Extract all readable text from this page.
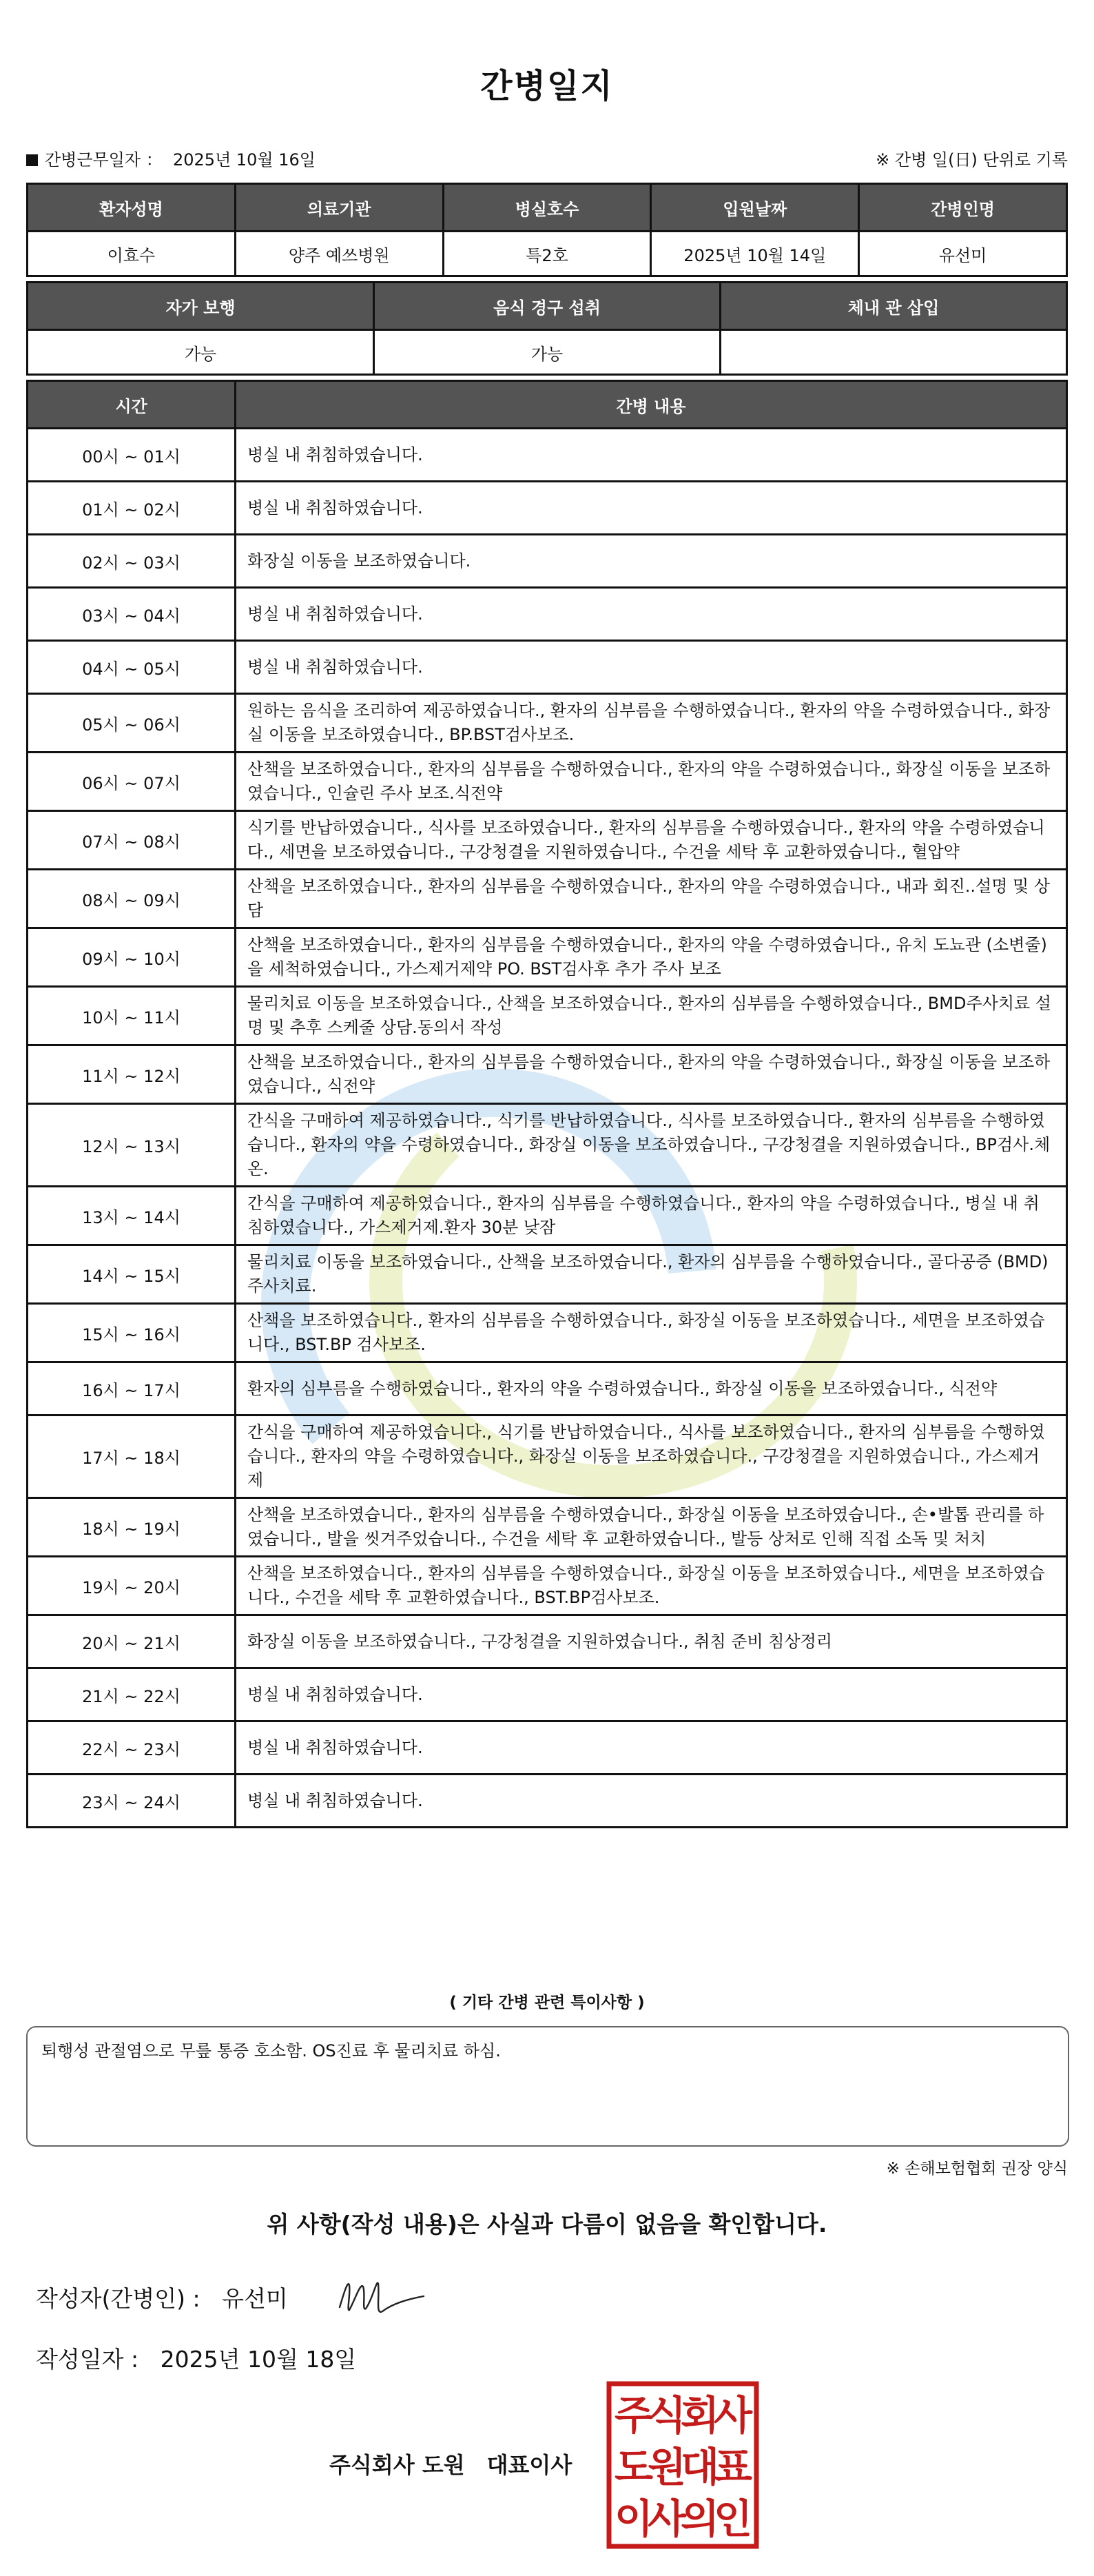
간병일지
간병근무일자 ： 2025년 10월 16일	※ 간병 일(日) 단위로 기록
환자성명	의료기관	병실호수	입원날짜	간병인명
이효수	양주 예쓰병원	특2호	2025년 10월 14일	유선미
자가 보행	음식 경구 섭취	체내 관 삽입
가능	가능	
시간	간병 내용
00시 ~ 01시	병실 내 취침하였습니다.
01시 ~ 02시	병실 내 취침하였습니다.
02시 ~ 03시	화장실 이동을 보조하였습니다.
03시 ~ 04시	병실 내 취침하였습니다.
04시 ~ 05시	병실 내 취침하였습니다.
05시 ~ 06시	원하는 음식을 조리하여 제공하였습니다., 환자의 심부름을 수행하였습니다., 환자의 약을 수령하였습니다., 화장실 이동을 보조하였습니다., BP.BST검사보조.
06시 ~ 07시	산책을 보조하였습니다., 환자의 심부름을 수행하였습니다., 환자의 약을 수령하였습니다., 화장실 이동을 보조하였습니다., 인슐린 주사 보조.식전약
07시 ~ 08시	식기를 반납하였습니다., 식사를 보조하였습니다., 환자의 심부름을 수행하였습니다., 환자의 약을 수령하였습니다., 세면을 보조하였습니다., 구강청결을 지원하였습니다., 수건을 세탁 후 교환하였습니다., 혈압약
08시 ~ 09시	산책을 보조하였습니다., 환자의 심부름을 수행하였습니다., 환자의 약을 수령하였습니다., 내과 회진..설명 및 상담
09시 ~ 10시	산책을 보조하였습니다., 환자의 심부름을 수행하였습니다., 환자의 약을 수령하였습니다., 유치 도뇨관 (소변줄)을 세척하였습니다., 가스제거제약 PO. BST검사후 추가 주사 보조
10시 ~ 11시	물리치료 이동을 보조하였습니다., 산책을 보조하였습니다., 환자의 심부름을 수행하였습니다., BMD주사치료 설명 및 추후 스케줄 상담.동의서 작성
11시 ~ 12시	산책을 보조하였습니다., 환자의 심부름을 수행하였습니다., 환자의 약을 수령하였습니다., 화장실 이동을 보조하였습니다., 식전약
12시 ~ 13시	간식을 구매하여 제공하였습니다., 식기를 반납하였습니다., 식사를 보조하였습니다., 환자의 심부름을 수행하였습니다., 환자의 약을 수령하였습니다., 화장실 이동을 보조하였습니다., 구강청결을 지원하였습니다., BP검사.체온.
13시 ~ 14시	간식을 구매하여 제공하였습니다., 환자의 심부름을 수행하였습니다., 환자의 약을 수령하였습니다., 병실 내 취침하였습니다., 가스제거제.환자 30분 낮잠
14시 ~ 15시	물리치료 이동을 보조하였습니다., 산책을 보조하였습니다., 환자의 심부름을 수행하였습니다., 골다공증 (BMD)주사치료.
15시 ~ 16시	산책을 보조하였습니다., 환자의 심부름을 수행하였습니다., 화장실 이동을 보조하였습니다., 세면을 보조하였습니다., BST.BP 검사보조.
16시 ~ 17시	환자의 심부름을 수행하였습니다., 환자의 약을 수령하였습니다., 화장실 이동을 보조하였습니다., 식전약
17시 ~ 18시	간식을 구매하여 제공하였습니다., 식기를 반납하였습니다., 식사를 보조하였습니다., 환자의 심부름을 수행하였습니다., 환자의 약을 수령하였습니다., 화장실 이동을 보조하였습니다., 구강청결을 지원하였습니다., 가스제거제
18시 ~ 19시	산책을 보조하였습니다., 환자의 심부름을 수행하였습니다., 화장실 이동을 보조하였습니다., 손•발톱 관리를 하였습니다., 발을 씻겨주었습니다., 수건을 세탁 후 교환하였습니다., 발등 상처로 인해 직접 소독 및 처치
19시 ~ 20시	산책을 보조하였습니다., 환자의 심부름을 수행하였습니다., 화장실 이동을 보조하였습니다., 세면을 보조하였습니다., 수건을 세탁 후 교환하였습니다., BST.BP검사보조.
20시 ~ 21시	화장실 이동을 보조하였습니다., 구강청결을 지원하였습니다., 취침 준비 침상정리
21시 ~ 22시	병실 내 취침하였습니다.
22시 ~ 23시	병실 내 취침하였습니다.
23시 ~ 24시	병실 내 취침하였습니다.
( 기타 간병 관련 특이사항 )
퇴행성 관절염으로 무릎 통증 호소함. OS진료 후 물리치료 하심.
※ 손해보험협회 권장 양식
위 사항(작성 내용)은 사실과 다름이 없음을 확인합니다.
작성자(간병인) : 유선미
작성일자 : 2025년 10월 18일
주식회사 도원　대표이사
주
식
회
사
도
원
대
표
이
사
의
인
